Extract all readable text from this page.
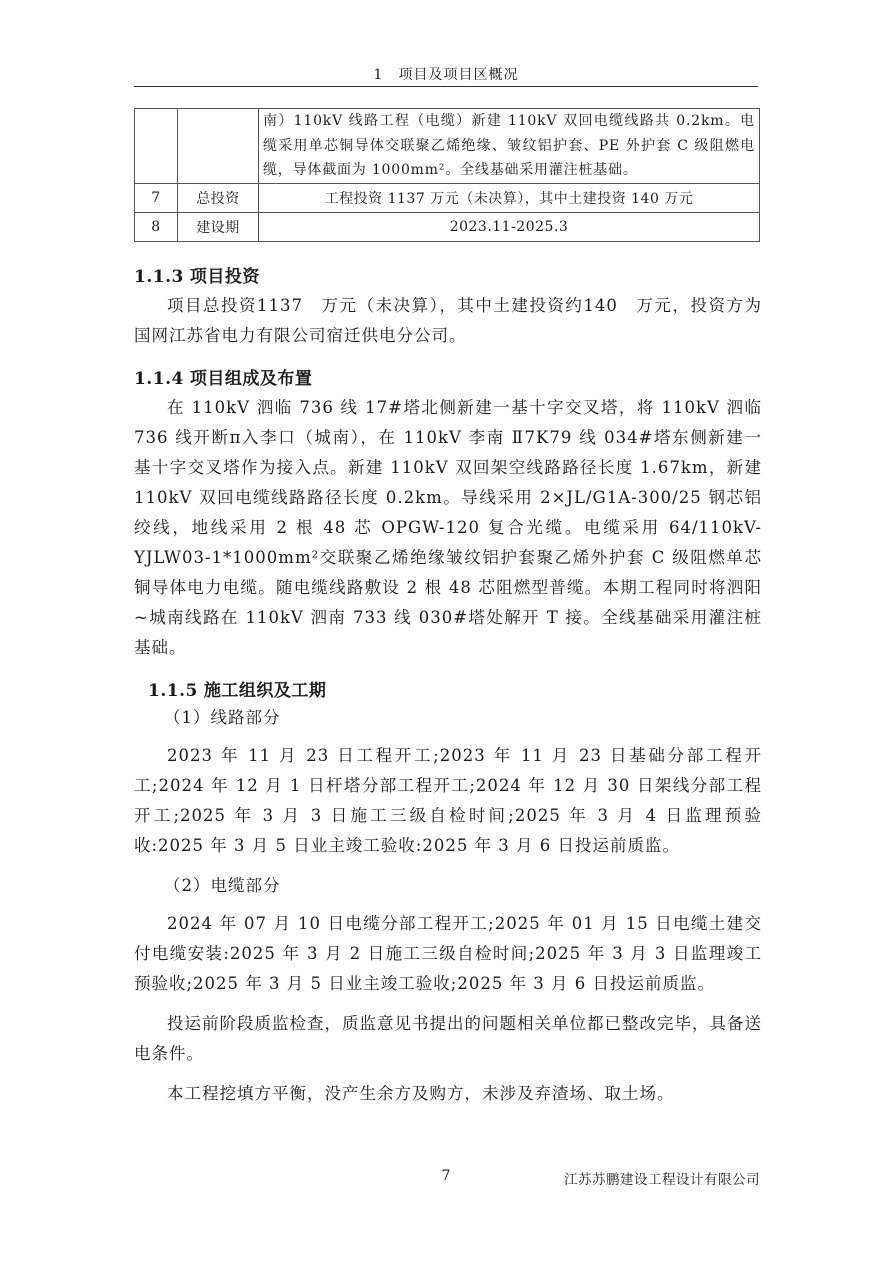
1　项目及项目区概况
		南）110kV 线路工程（电缆）新建 110kV 双回电缆线路共 0.2km。电缆采用单芯铜导体交联聚乙烯绝缘、皱纹铝护套、PE 外护套 C 级阻燃电缆，导体截面为 1000mm²。全线基础采用灌注桩基础。
7	总投资	工程投资 1137 万元（未决算），其中土建投资 140 万元
8	建设期	2023.11-2025.3
1.1.3 项目投资

项目总投资1137　万元（未决算），其中土建投资约140　万元，投资方为国网江苏省电力有限公司宿迁供电分公司。

1.1.4 项目组成及布置

在 110kV 泗临 736 线 17#塔北侧新建一基十字交叉塔，将 110kV 泗临 736 线开断π入李口（城南），在 110kV 李南 Ⅱ7K79 线 034#塔东侧新建一基十字交叉塔作为接入点。新建 110kV 双回架空线路路径长度 1.67km，新建 110kV 双回电缆线路路径长度 0.2km。导线采用 2×JL/G1A-300/25 钢芯铝绞线，地线采用 2 根 48 芯 OPGW-120 复合光缆。电缆采用 64/110kV-YJLW03-1*1000mm²交联聚乙烯绝缘皱纹铝护套聚乙烯外护套 C 级阻燃单芯铜导体电力电缆。随电缆线路敷设 2 根 48 芯阻燃型普缆。本期工程同时将泗阳~城南线路在 110kV 泗南 733 线 030#塔处解开 T 接。全线基础采用灌注桩基础。

1.1.5 施工组织及工期

（1）线路部分

2023 年 11 月 23 日工程开工;2023 年 11 月 23 日基础分部工程开工;2024 年 12 月 1 日杆塔分部工程开工;2024 年 12 月 30 日架线分部工程开工;2025 年 3 月 3 日施工三级自检时间;2025 年 3 月 4 日监理预验收:2025 年 3 月 5 日业主竣工验收:2025 年 3 月 6 日投运前质监。

（2）电缆部分

2024 年 07 月 10 日电缆分部工程开工;2025 年 01 月 15 日电缆土建交付电缆安装:2025 年 3 月 2 日施工三级自检时间;2025 年 3 月 3 日监理竣工预验收;2025 年 3 月 5 日业主竣工验收;2025 年 3 月 6 日投运前质监。

投运前阶段质监检查，质监意见书提出的问题相关单位都已整改完毕，具备送电条件。

本工程挖填方平衡，没产生余方及购方，未涉及弃渣场、取土场。

7	江苏苏鹏建设工程设计有限公司
